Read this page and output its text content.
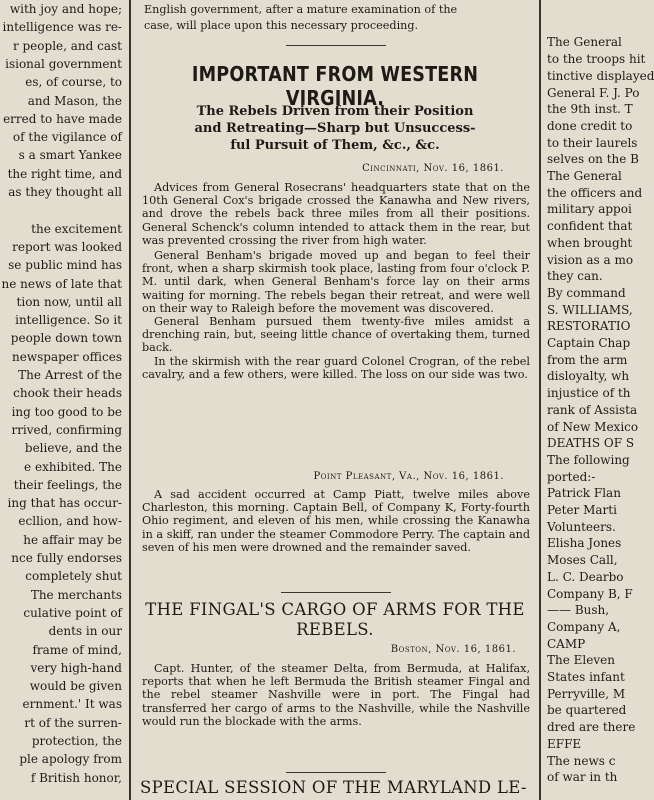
with joy and hope;
intelligence was re-
r people, and cast
isional government
es, of course, to
and Mason, the
erred to have made
of the vigilance of
s a smart Yankee
the right time, and
as they thought all
the excitement
report was looked
se public mind has
ne news of late that
tion now, until all
intelligence. So it
people down town
newspaper offices
The Arrest of the
chook their heads
ing too good to be
rrived, confirming
believe, and the
e exhibited. The
their feelings, the
ing that has occur-
ecllion, and how-
he affair may be
nce fully endorses
completely shut
The merchants
culative point of
dents in our
frame of mind,
very high-hand
would be given
ernment.' It was
rt of the surren-
protection, the
ple apology from
f British honor,
English government, after a mature examination of the
case, will place upon this necessary proceeding.
IMPORTANT FROM WESTERN VIRGINIA.
The Rebels Driven from their Position
and Retreating—Sharp but Unsuccess-
ful Pursuit of Them, &c., &c.
Cincinnati, Nov. 16, 1861.

Advices from General Rosecrans' headquarters state that on the 10th General Cox's brigade crossed the Kanawha and New rivers, and drove the rebels back three miles from all their positions. General Schenck's column intended to attack them in the rear, but was prevented crossing the river from high water.

General Benham's brigade moved up and began to feel their front, when a sharp skirmish took place, lasting from four o'clock P. M. until dark, when General Benham's force lay on their arms waiting for morning. The rebels began their retreat, and were well on their way to Raleigh before the movement was discovered.

General Benham pursued them twenty-five miles amidst a drenching rain, but, seeing little chance of overtaking them, turned back.

In the skirmish with the rear guard Colonel Crogran, of the rebel cavalry, and a few others, were killed. The loss on our side was two.

Point Pleasant, Va., Nov. 16, 1861.

A sad accident occurred at Camp Piatt, twelve miles above Charleston, this morning. Captain Bell, of Company K, Forty-fourth Ohio regiment, and eleven of his men, while crossing the Kanawha in a skiff, ran under the steamer Commodore Perry. The captain and seven of his men were drowned and the remainder saved.

THE FINGAL'S CARGO OF ARMS FOR THE
REBELS.
Boston, Nov. 16, 1861.

Capt. Hunter, of the steamer Delta, from Bermuda, at Halifax, reports that when he left Bermuda the British steamer Fingal and the rebel steamer Nashville were in port. The Fingal had transferred her cargo of arms to the Nashville, while the Nashville would run the blockade with the arms.

SPECIAL SESSION OF THE MARYLAND LE-
The General
to the troops hit
tinctive displayed
General F. J. Po
the 9th inst. T
done credit to
to their laurels
selves on the B
The General
the officers and
military appoi
confident that
when brought
vision as a mo
they can.
By command
S. WILLIAMS,
RESTORATIO
Captain Chap
from the arm
disloyalty, wh
injustice of th
rank of Assista
of New Mexico
DEATHS OF S
The following
ported:-
Patrick Flan
Peter Marti
Volunteers.
Elisha Jones
Moses Call,
L. C. Dearbo
Company B, F
—— Bush,
Company A,
CAMP
The Eleven
States infant
Perryville, M
be quartered
dred are there
EFFE
The news c
of war in th
